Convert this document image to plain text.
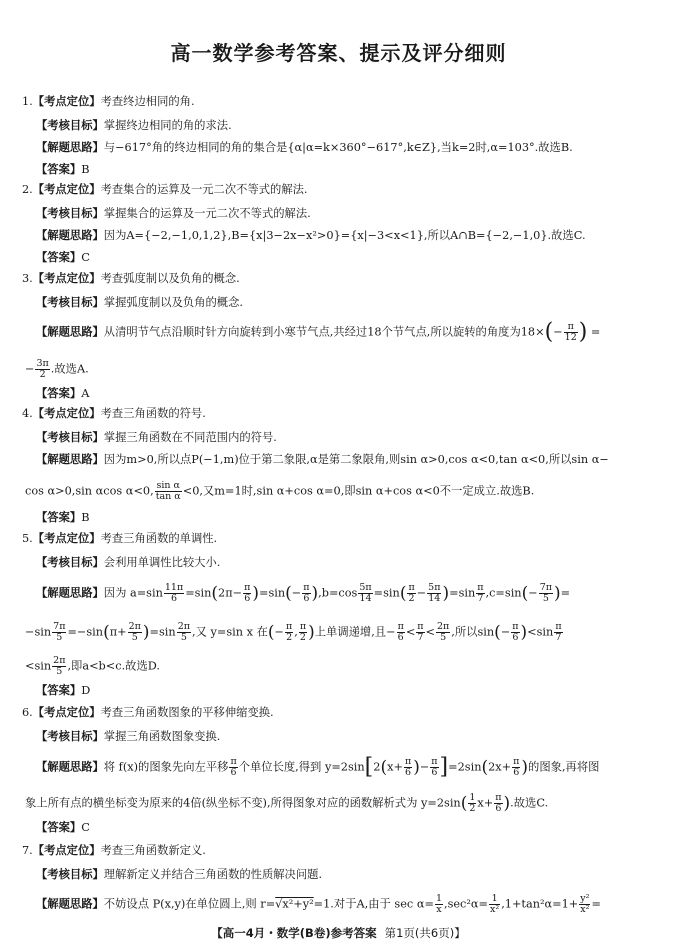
高一数学参考答案、提示及评分细则
1.【考点定位】考查终边相同的角.
【考核目标】掌握终边相同的角的求法.
【解题思路】与−617°角的终边相同的角的集合是{α|α=k×360°−617°,k∈Z},当k=2时,α=103°.故选B.
【答案】B
2.【考点定位】考查集合的运算及一元二次不等式的解法.
【考核目标】掌握集合的运算及一元二次不等式的解法.
【解题思路】因为A={−2,−1,0,1,2},B={x|3−2x−x²>0}={x|−3<x<1},所以A∩B={−2,−1,0}.故选C.
【答案】C
3.【考点定位】考查弧度制以及负角的概念.
【考核目标】掌握弧度制以及负角的概念.
【解题思路】从清明节气点沿顺时针方向旋转到小寒节气点,共经过18个节气点,所以旋转的角度为$18\times(- \frac{\pi}{12}$ ) =
− $\frac{3\pi}{2}$ .故选A.
【答案】A
4.【考点定位】考查三角函数的符号.
【考核目标】掌握三角函数在不同范围内的符号.
【解题思路】因为m>0,所以点P(−1,m)位于第二象限,α是第二象限角,则sin α>0,cos α<0,tan α<0,所以sin α−
cos α>0,sin αcos α<0, $\frac{\text{sin α}}{\text{tan α}} <0$,又m=1时,sin α+cos α=0,即sin α+cos α<0不一定成立.故选B.
【答案】B
5.【考点定位】考查三角函数的单调性.
【考核目标】会利用单调性比较大小.
【解题思路】因为 $a=\sin \frac{11\pi}{6} =\sin(2\pi- \frac{\pi}{6} )=\sin(- \frac{\pi}{6} ),b=\cos \frac{5\pi}{14} =\sin( \frac{\pi}{2} - \frac{5\pi}{14} )=\sin \frac{\pi}{7} ,c=\sin(- \frac{7\pi}{5}$ )=
$-\sin \frac{7\pi}{5} =-\sin(\pi+ \frac{2\pi}{5} )=\sin \frac{2\pi}{5}$ ,又 y=sin x 在(− $\frac{\pi}{2}$ , $\frac{\pi}{2}$ )上单调递增,且− $\frac{\pi}{6} < \frac{\pi}{7} < \frac{2\pi}{5}$ ,所以$\sin(- \frac{\pi}{6} )<\sin \frac{\pi}{7}$
$<\sin \frac{2\pi}{5}$ ,即a<b<c.故选D.
【答案】D
6.【考点定位】考查三角函数图象的平移伸缩变换.
【考核目标】掌握三角函数图象变换.
【解题思路】将 f(x)的图象先向左平移 $\frac{\pi}{6}$ 个单位长度,得到 $y=2\sin[2(x+ \frac{\pi}{6}$ )− $\frac{\pi}{6} ]=2\sin(2x+ \frac{\pi}{6}$ )的图象,再将图
象上所有点的横坐标变为原来的4倍(纵坐标不变),所得图象对应的函数解析式为 $y=2\sin( \frac{1}{2} x+ \frac{\pi}{6}$ ).故选C.
【答案】C
7.【考点定位】考查三角函数新定义.
【考核目标】理解新定义并结合三角函数的性质解决问题.
【解题思路】不妨设点 P(x,y)在单位圆上,则 r=√x²+y²=1.对于A,由于 $\sec \alpha= \frac{1}{x} ,\sec^2\alpha= \frac{1}{\text{x²}} ,1+\tan^2\alpha=1+ \frac{\text{y²}}{\text{x²}}$ =
【高一4月・数学(B卷)参考答案 第1页(共6页)】
